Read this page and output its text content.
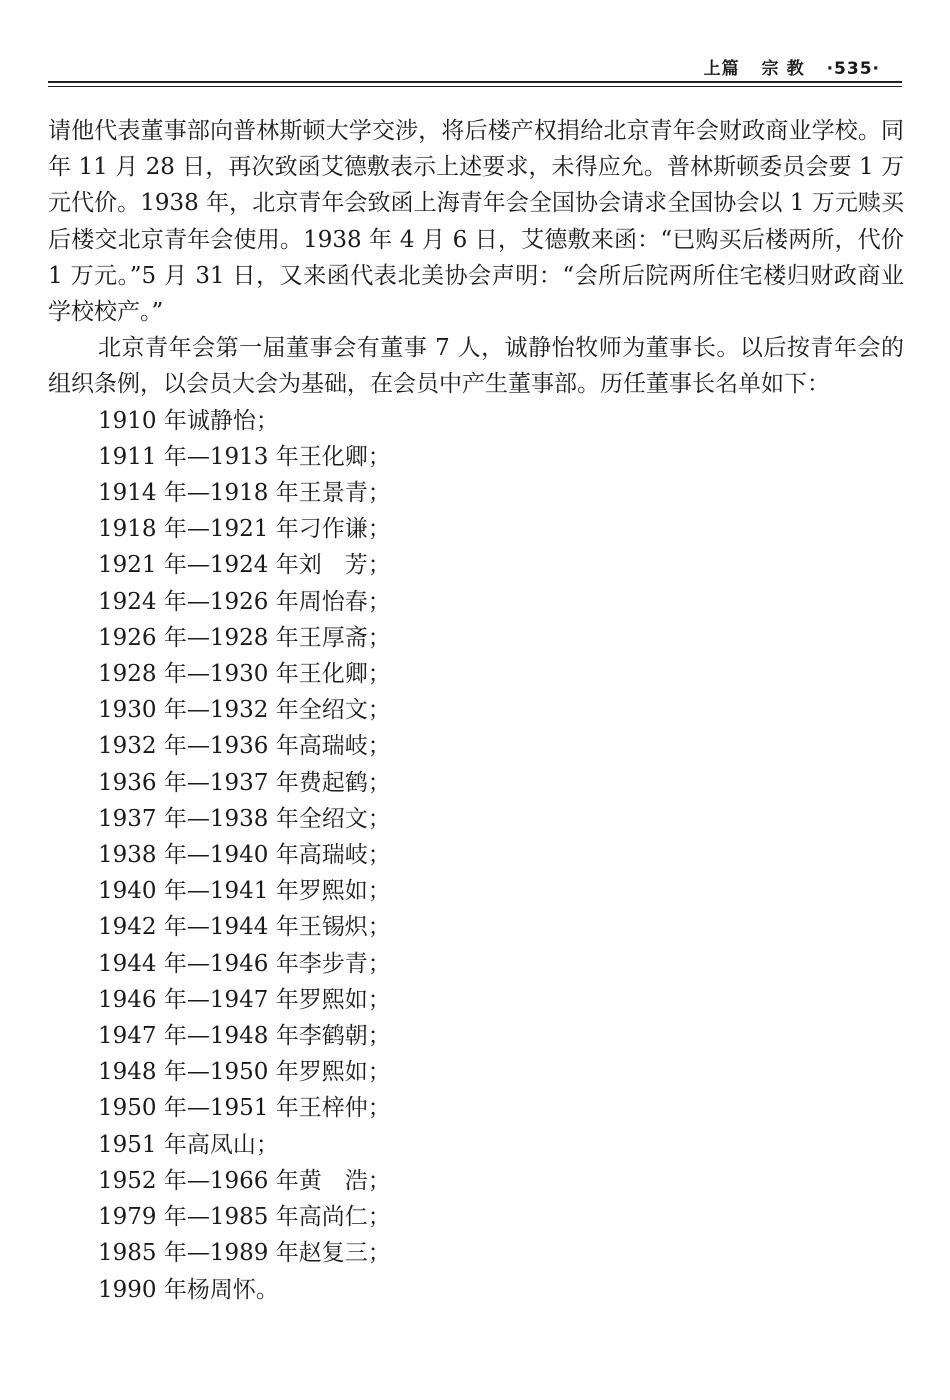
上篇 宗 教 ·535·

请他代表董事部向普林斯顿大学交涉，将后楼产权捐给北京青年会财政商业学校。同年 11 月 28 日，再次致函艾德敷表示上述要求，未得应允。普林斯顿委员会要 1 万元代价。1938 年，北京青年会致函上海青年会全国协会请求全国协会以 1 万元赎买后楼交北京青年会使用。1938 年 4 月 6 日，艾德敷来函：“已购买后楼两所，代价 1 万元。”5 月 31 日，又来函代表北美协会声明：“会所后院两所住宅楼归财政商业学校校产。”

北京青年会第一届董事会有董事 7 人，诚静怡牧师为董事长。以后按青年会的组织条例，以会员大会为基础，在会员中产生董事部。历任董事长名单如下：

1910 年诚静怡；
1911 年—1913 年王化卿；
1914 年—1918 年王景青；
1918 年—1921 年刁作谦；
1921 年—1924 年刘　芳；
1924 年—1926 年周怡春；
1926 年—1928 年王厚斋；
1928 年—1930 年王化卿；
1930 年—1932 年全绍文；
1932 年—1936 年高瑞岐；
1936 年—1937 年费起鹤；
1937 年—1938 年全绍文；
1938 年—1940 年高瑞岐；
1940 年—1941 年罗熙如；
1942 年—1944 年王锡炽；
1944 年—1946 年李步青；
1946 年—1947 年罗熙如；
1947 年—1948 年李鹤朝；
1948 年—1950 年罗熙如；
1950 年—1951 年王梓仲；
1951 年高凤山；
1952 年—1966 年黄　浩；
1979 年—1985 年高尚仁；
1985 年—1989 年赵复三；
1990 年杨周怀。
